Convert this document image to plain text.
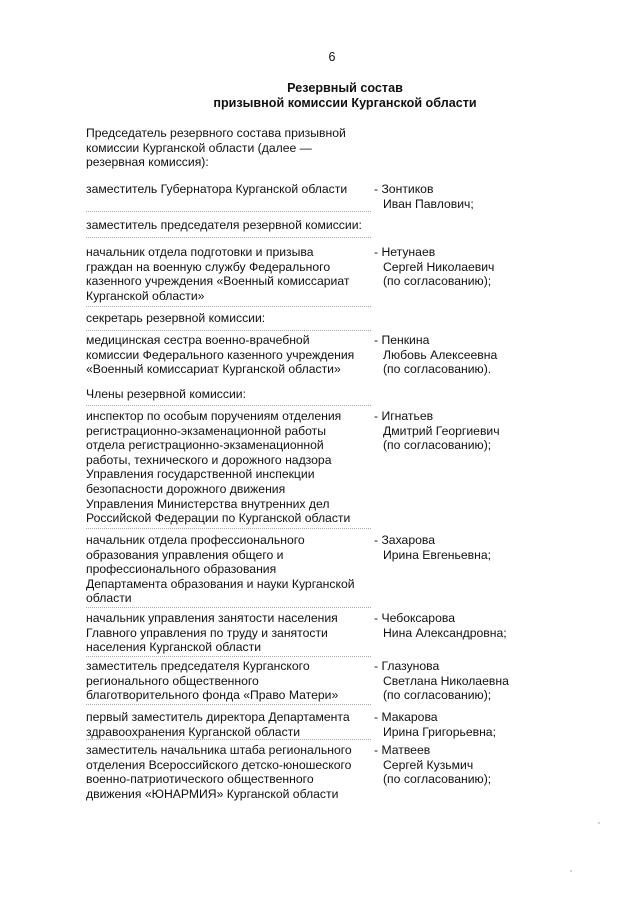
6
Резервный состав
призывной комиссии Курганской области
Председатель резервного состава призывной
комиссии Курганской области (далее —
резервная комиссия):
заместитель Губернатора Курганской области	- Зонтиков
Иван Павлович;
заместитель председателя резервной комиссии:
начальник отдела подготовки и призыва
граждан на военную службу Федерального
казенного учреждения «Военный комиссариат
Курганской области»
- Нетунаев
Сергей Николаевич
(по согласованию);
секретарь резервной комиссии:
медицинская сестра военно-врачебной
комиссии Федерального казенного учреждения
«Военный комиссариат Курганской области»
- Пенкина
Любовь Алексеевна
(по согласованию).
Члены резервной комиссии:
инспектор по особым поручениям отделения
регистрационно-экзаменационной работы
отдела регистрационно-экзаменационной
работы, технического и дорожного надзора
Управления государственной инспекции
безопасности дорожного движения
Управления Министерства внутренних дел
Российской Федерации по Курганской области
- Игнатьев
Дмитрий Георгиевич
(по согласованию);
начальник отдела профессионального
образования управления общего и
профессионального образования
Департамента образования и науки Курганской
области
- Захарова
Ирина Евгеньевна;
начальник управления занятости населения
Главного управления по труду и занятости
населения Курганской области
- Чебоксарова
Нина Александровна;
заместитель председателя Курганского
регионального общественного
благотворительного фонда «Право Матери»
- Глазунова
Светлана Николаевна
(по согласованию);
первый заместитель директора Департамента
здравоохранения Курганской области
- Макарова
Ирина Григорьевна;
заместитель начальника штаба регионального
отделения Всероссийского детско-юношеского
военно-патриотического общественного
движения «ЮНАРМИЯ» Курганской области
- Матвеев
Сергей Кузьмич
(по согласованию);
